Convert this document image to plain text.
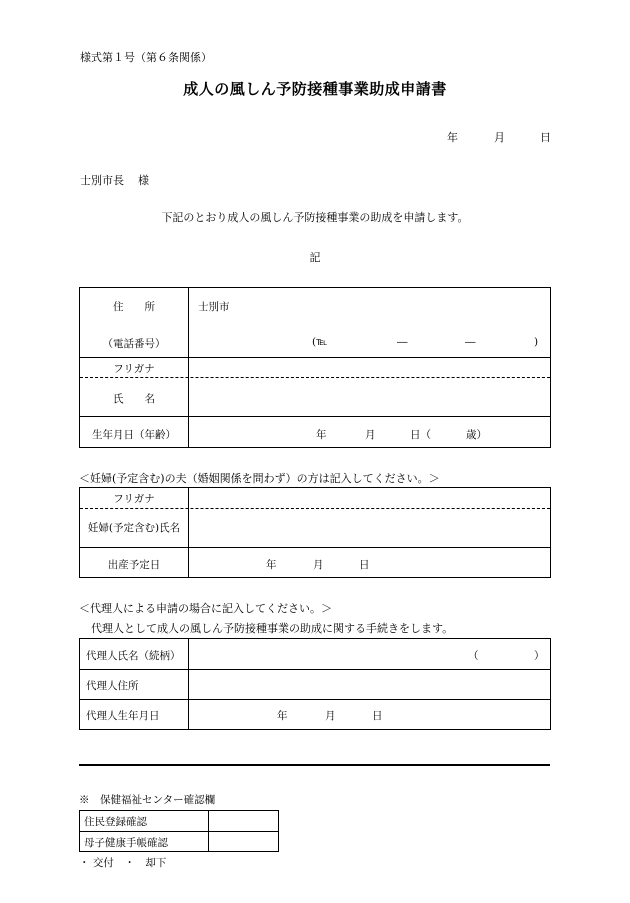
様式第１号（第６条関係）
成人の風しん予防接種事業助成申請書
年	月	日
士別市長 様
下記のとおり成人の風しん予防接種事業の助成を申請します。
記
住　　所	士別市
（電話番号）	(℡	―	―	)
フリガナ
氏　　名
生年月日（年齢）	年	月	日（	歳）
＜妊婦(予定含む)の夫（婚姻関係を問わず）の方は記入してください。＞
フリガナ
妊婦(予定含む)氏名
出産予定日	年	月	日
＜代理人による申請の場合に記入してください。＞
代理人として成人の風しん予防接種事業の助成に関する手続きをします。
代理人氏名（続柄）	（	）
代理人住所
代理人生年月日	年	月	日
※　保健福祉センター確認欄
住民登録確認
母子健康手帳確認
・ 交付　・　却下
